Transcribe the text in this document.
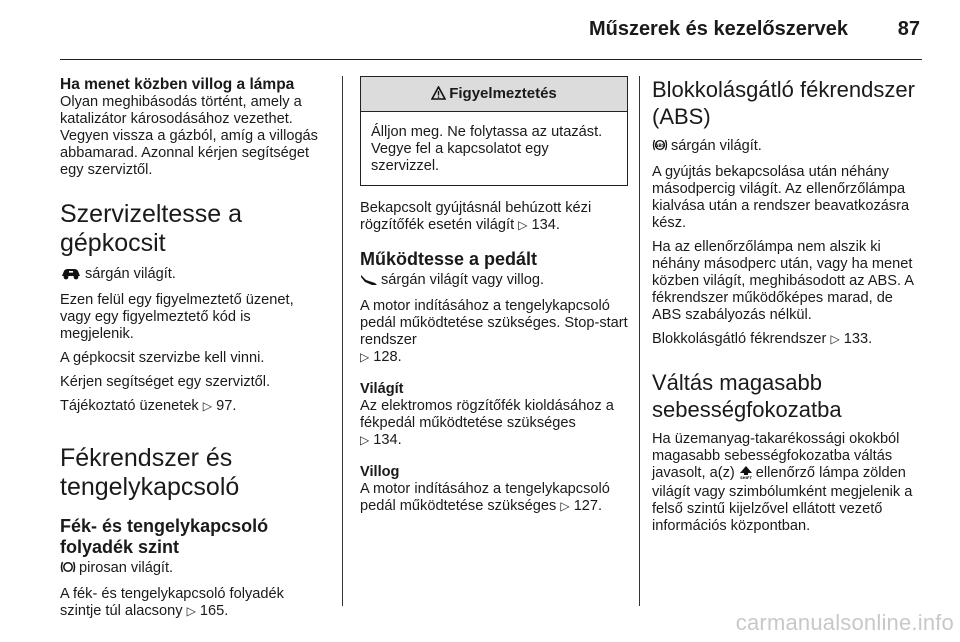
Műszerek és kezelőszervek 87
Ha menet közben villog a lámpa

Olyan meghibásodás történt, amely a katalizátor károsodásához vezethet. Vegyen vissza a gázból, amíg a villogás abbamarad. Azonnal kérjen segítséget egy szerviztől.

Szervizeltesse a gépkocsit

sárgán világít.

Ezen felül egy figyelmeztető üzenet, vagy egy figyelmeztető kód is megjelenik.

A gépkocsit szervizbe kell vinni.

Kérjen segítséget egy szerviztől.

Tájékoztató üzenetek ▷ 97.

Fékrendszer és tengelykapcsoló
Fék- és tengelykapcsoló folyadék szint

pirosan világít.

A fék- és tengelykapcsoló folyadék szintje túl alacsony ▷ 165.

Figyelmeztetés
Álljon meg. Ne folytassa az utazást. Vegye fel a kapcsolatot egy szervizzel.

Bekapcsolt gyújtásnál behúzott kézi rögzítőfék esetén világít ▷ 134.

Működtesse a pedált

sárgán világít vagy villog.

A motor indításához a tengelykapcsoló pedál működtetése szükséges. Stop-start rendszer
▷ 128.

Világít

Az elektromos rögzítőfék kioldásához a fékpedál működtetése szükséges
▷ 134.

Villog

A motor indításához a tengelykapcsoló pedál működtetése szükséges ▷ 127.

Blokkolásgátló fékrendszer (ABS)

ABS sárgán világít.

A gyújtás bekapcsolása után néhány másodpercig világít. Az ellenőrzőlámpa kialvása után a rendszer beavatkozásra kész.

Ha az ellenőrzőlámpa nem alszik ki néhány másodperc után, vagy ha menet közben világít, meghibásodott az ABS. A fékrendszer működőképes marad, de ABS szabályozás nélkül.

Blokkolásgátló fékrendszer ▷ 133.

Váltás magasabb sebességfokozatba

Ha üzemanyag-takarékossági okokból magasabb sebességfokozatba váltás javasolt, a(z) SHIFT ellenőrző lámpa zölden világít vagy szimbólumként megjelenik a felső szintű kijelzővel ellátott vezető információs központban.

carmanualsonline.info
